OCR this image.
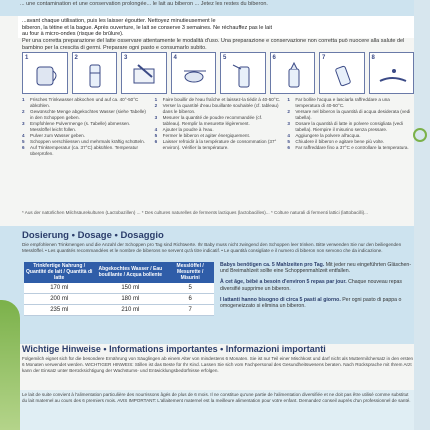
... une contamination et une conservation prolongée... le lait au biberon ... Jetez les restes du biberon.
...avant chaque utilisation, puis les laisser égoutter. Nettoyez minutieusement le
biberon, la tétine et la bague. Après ouverture, le lait se conserve 3 semaines. Ne réchauffez pas le lait
au four à micro-ondes (risque de brûlure).
Per una corretta preparazione del latte osservare attentamente le modalità d'uso. Una preparazione e conservazione non corretta può nuocere alla salute del bambino per la crescita di germi. Preparare ogni pasto e consumarlo subito.
1	2	3	4	5	6	7	8
1	Frisches Trinkwasser abkochen und auf ca. 40°-50°C abkühlen.
2	Gewünschte Menge abgekochtes Wasser (siehe Tabelle) in den Schoppen geben.
3	Empfohlene Pulvermenge (s. Tabelle) abmessen. Messlöffel leicht füllen.
4	Pulver zum Wasser geben.
5	Schoppen verschliessen und mehrmals kräftig schütteln.
6	Auf Trinktemperatur (ca. 37°C) abkühlen. Temperatur überprüfen.
1	Faire bouillir de l'eau fraîche et laissez-la tiédir à 40-50°C.
2	Verser la quantité d'eau bouillante souhaitée (cf. tableau) dans le biberon.
3	Mesurer la quantité de poudre recommandée (cf. tableau). Remplir la mesurette légèrement.
4	Ajouter la poudre à l'eau.
5	Fermer le biberon et agiter énergiquement.
6	Laisser refroidir à la température de consommation (37° environ). Vérifier la température.
1	Far bollire l'acqua e lasciarla raffreddare a una temperatura di 40-50°C.
2	Versare nel biberon la quantità di acqua desiderata (vedi tabella).
3	Dosare la quantità di latte in polvere consigliata (vedi tabella). Riempire il misurino senza pressare.
4	Aggiungere la polvere all'acqua.
5	Chiudere il biberon e agitare bene più volte.
6	Far raffreddare fino a 37°C e controllare la temperatura.
* Aus der natürlichen Milchsäurekulturen (Lactobazillen) ... * Des cultures naturelles de ferments lactiques (lactobacilles)... * Colture naturali di fermenti lattici (lattobacilli)...
Dosierung • Dosage • Dosaggio
Die empfohlenen Trinkmengen und die Anzahl der Schoppen pro Tag sind Richtwerte. Ihr Baby muss nicht zwingend den Schoppen leer trinken. Bitte verwenden Sie nur den beiliegenden Messlöffel. • Les quantités recommandées et le nombre de biberons ne servent qu'à titre indicatif. • Le quantità consigliate e il numero di biberon non servono che da indicazione.
Trinkfertige Nahrung / Quantité de lait / Quantità di latte	Abgekochtes Wasser / Eau bouillante / Acqua bollente	Messlöffel / Mesurette / Misurini
170 ml	150 ml	5
200 ml	180 ml	6
235 ml	210 ml	7
Babys benötigen ca. 5 Mahlzeiten pro Tag. Mit jeder neu eingeführten Gläschen- und Breimahlzeit sollte eine Schoppenmahlzeit entfallen.
À cet âge, bébé a besoin d'environ 5 repas par jour. Chaque nouveau repas diversifié supprime un biberon.
I lattanti hanno bisogno di circa 5 pasti al giorno. Per ogni pasto di pappa o omogeneizzato si elimina un biberon.
Wichtige Hinweise • Informations importantes • Informazioni importanti
Folgemilch eignet sich für die besondere Ernährung von Säuglingen ab einem Alter von mindestens 6 Monaten. Sie ist nur Teil einer Mischkost und darf nicht als Muttermilchersatz in den ersten 6 Monaten verwendet werden. WICHTIGER HINWEIS: Stillen ist das Beste für Ihr Kind. Lassen Sie sich vom Fachpersonal des Gesundheitswesens beraten. Nach Rücksprache mit Ihrem Arzt kann der Einsatz unter Berücksichtigung der Wachstums- und Entwicklungsbedürfnisse erfolgen.
Le lait de suite convient à l'alimentation particulière des nourrissons âgés de plus de 6 mois. Il ne constitue qu'une partie de l'alimentation diversifiée et ne doit pas être utilisé comme substitut du lait maternel au cours des 6 premiers mois. AVIS IMPORTANT: L'allaitement maternel est la meilleure alimentation pour votre enfant. Demandez conseil auprès d'un professionnel de santé.
